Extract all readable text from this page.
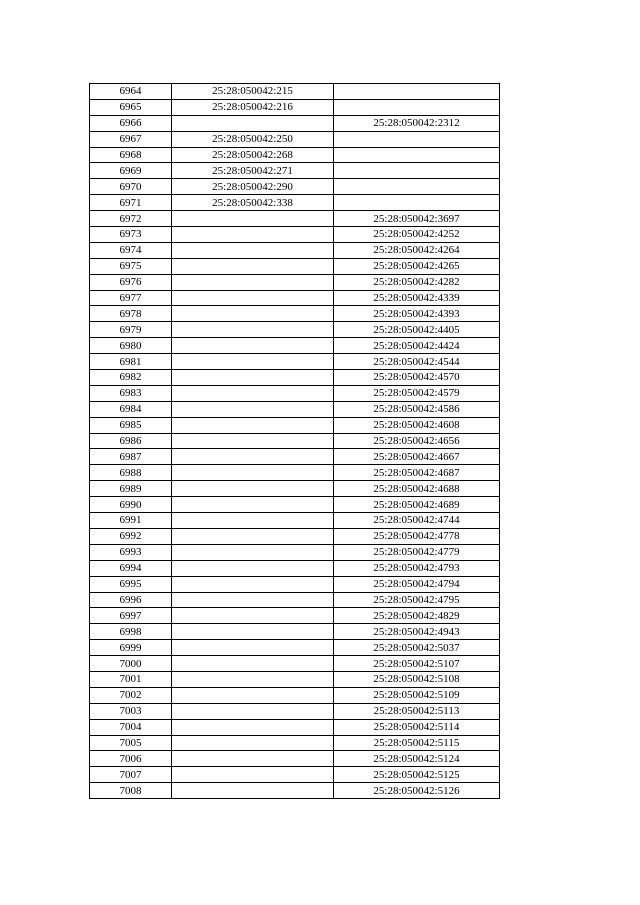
6964	25:28:050042:215	
6965	25:28:050042:216	
6966		25:28:050042:2312
6967	25:28:050042:250	
6968	25:28:050042:268	
6969	25:28:050042:271	
6970	25:28:050042:290	
6971	25:28:050042:338	
6972		25:28:050042:3697
6973		25:28:050042:4252
6974		25:28:050042:4264
6975		25:28:050042:4265
6976		25:28:050042:4282
6977		25:28:050042:4339
6978		25:28:050042:4393
6979		25:28:050042:4405
6980		25:28:050042:4424
6981		25:28:050042:4544
6982		25:28:050042:4570
6983		25:28:050042:4579
6984		25:28:050042:4586
6985		25:28:050042:4608
6986		25:28:050042:4656
6987		25:28:050042:4667
6988		25:28:050042:4687
6989		25:28:050042:4688
6990		25:28:050042:4689
6991		25:28:050042:4744
6992		25:28:050042:4778
6993		25:28:050042:4779
6994		25:28:050042:4793
6995		25:28:050042:4794
6996		25:28:050042:4795
6997		25:28:050042:4829
6998		25:28:050042:4943
6999		25:28:050042:5037
7000		25:28:050042:5107
7001		25:28:050042:5108
7002		25:28:050042:5109
7003		25:28:050042:5113
7004		25:28:050042:5114
7005		25:28:050042:5115
7006		25:28:050042:5124
7007		25:28:050042:5125
7008		25:28:050042:5126
